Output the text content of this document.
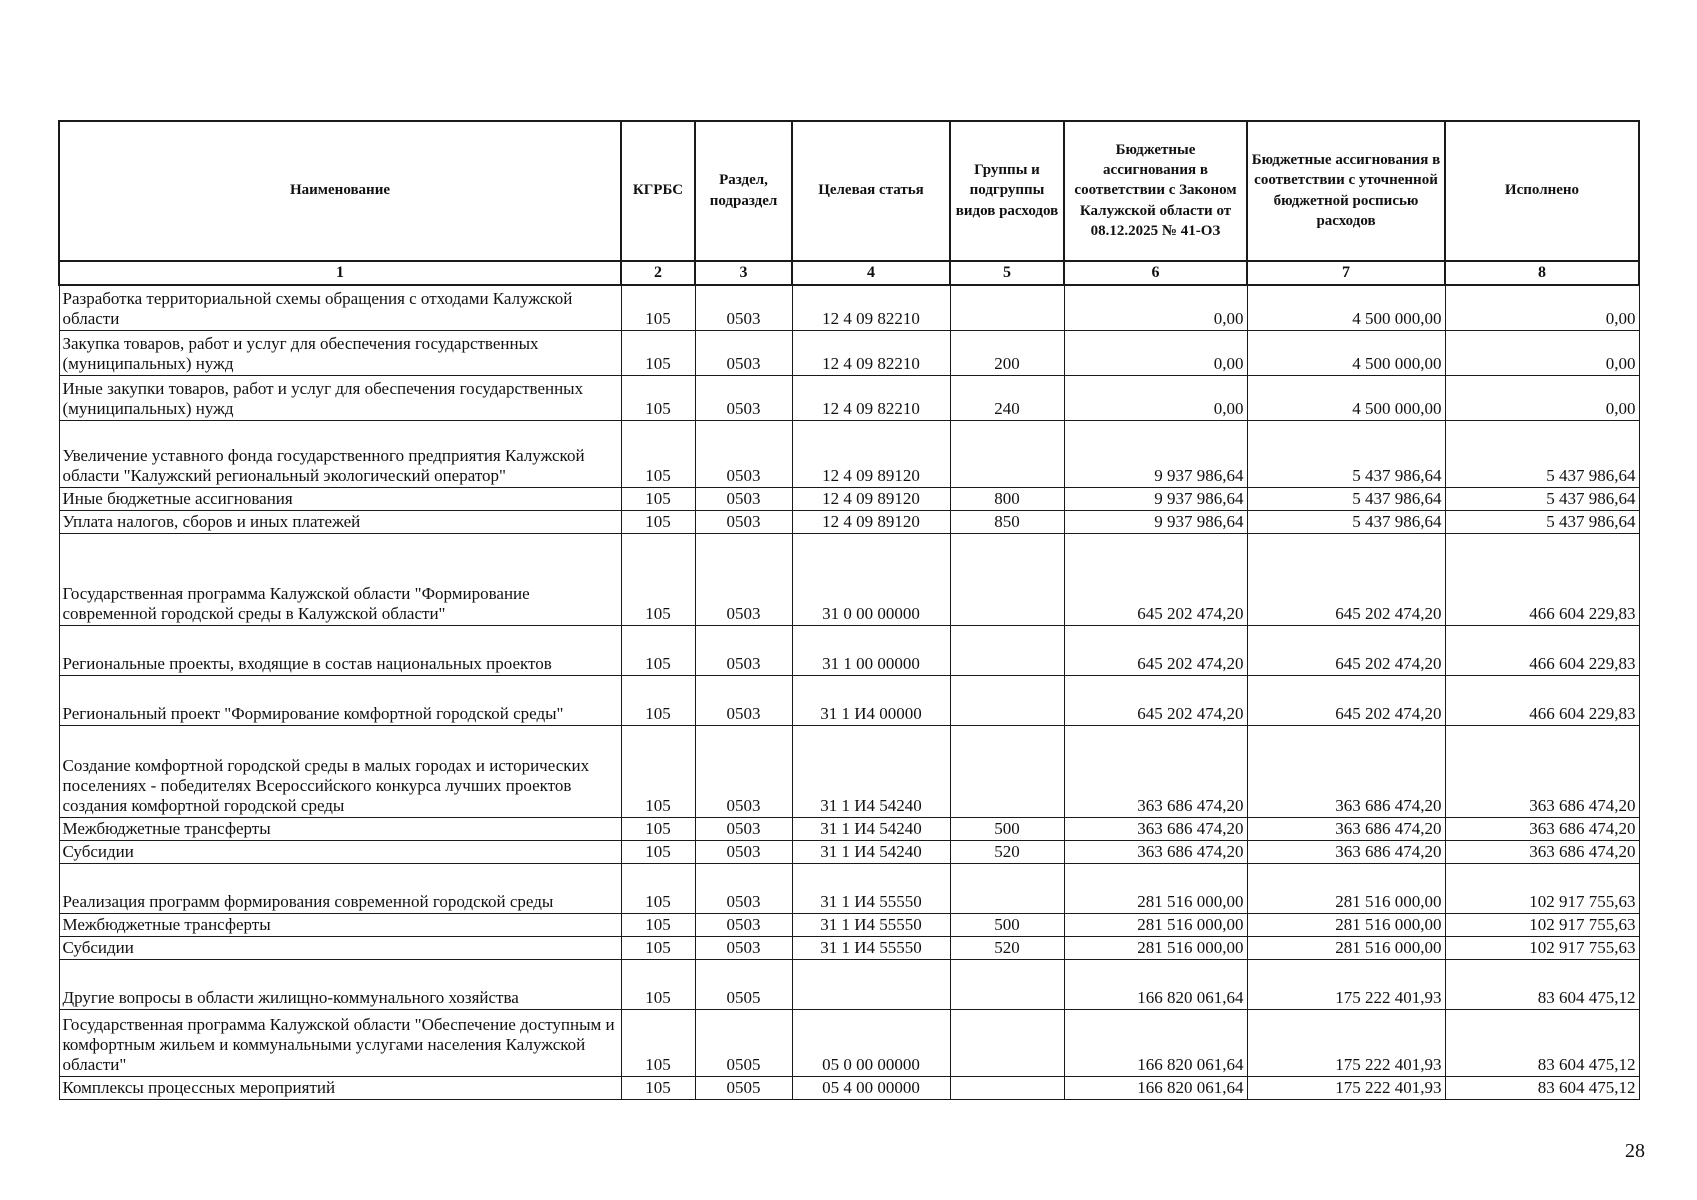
Наименование	КГРБС	Раздел, подраздел	Целевая статья	Группы и подгруппы видов расходов	Бюджетные ассигнования в соответствии с Законом Калужской области от 08.12.2025 № 41-ОЗ	Бюджетные ассигнования в соответствии с уточненной бюджетной росписью расходов	Исполнено
1	2	3	4	5	6	7	8
Разработка территориальной схемы обращения с отходами Калужской области	105	0503	12 4 09 82210		0,00	4 500 000,00	0,00
Закупка товаров, работ и услуг для обеспечения государственных (муниципальных) нужд	105	0503	12 4 09 82210	200	0,00	4 500 000,00	0,00
Иные закупки товаров, работ и услуг для обеспечения государственных (муниципальных) нужд	105	0503	12 4 09 82210	240	0,00	4 500 000,00	0,00
Увеличение уставного фонда государственного предприятия Калужской области "Калужский региональный экологический оператор"	105	0503	12 4 09 89120		9 937 986,64	5 437 986,64	5 437 986,64
Иные бюджетные ассигнования	105	0503	12 4 09 89120	800	9 937 986,64	5 437 986,64	5 437 986,64
Уплата налогов, сборов и иных платежей	105	0503	12 4 09 89120	850	9 937 986,64	5 437 986,64	5 437 986,64
Государственная программа Калужской области "Формирование современной городской среды в Калужской области"	105	0503	31 0 00 00000		645 202 474,20	645 202 474,20	466 604 229,83
Региональные проекты, входящие в состав национальных проектов	105	0503	31 1 00 00000		645 202 474,20	645 202 474,20	466 604 229,83
Региональный проект "Формирование комфортной городской среды"	105	0503	31 1 И4 00000		645 202 474,20	645 202 474,20	466 604 229,83
Создание комфортной городской среды в малых городах и исторических поселениях - победителях Всероссийского конкурса лучших проектов создания комфортной городской среды	105	0503	31 1 И4 54240		363 686 474,20	363 686 474,20	363 686 474,20
Межбюджетные трансферты	105	0503	31 1 И4 54240	500	363 686 474,20	363 686 474,20	363 686 474,20
Субсидии	105	0503	31 1 И4 54240	520	363 686 474,20	363 686 474,20	363 686 474,20
Реализация программ формирования современной городской среды	105	0503	31 1 И4 55550		281 516 000,00	281 516 000,00	102 917 755,63
Межбюджетные трансферты	105	0503	31 1 И4 55550	500	281 516 000,00	281 516 000,00	102 917 755,63
Субсидии	105	0503	31 1 И4 55550	520	281 516 000,00	281 516 000,00	102 917 755,63
Другие вопросы в области жилищно-коммунального хозяйства	105	0505			166 820 061,64	175 222 401,93	83 604 475,12
Государственная программа Калужской области "Обеспечение доступным и комфортным жильем и коммунальными услугами населения Калужской области"	105	0505	05 0 00 00000		166 820 061,64	175 222 401,93	83 604 475,12
Комплексы процессных мероприятий	105	0505	05 4 00 00000		166 820 061,64	175 222 401,93	83 604 475,12
28
